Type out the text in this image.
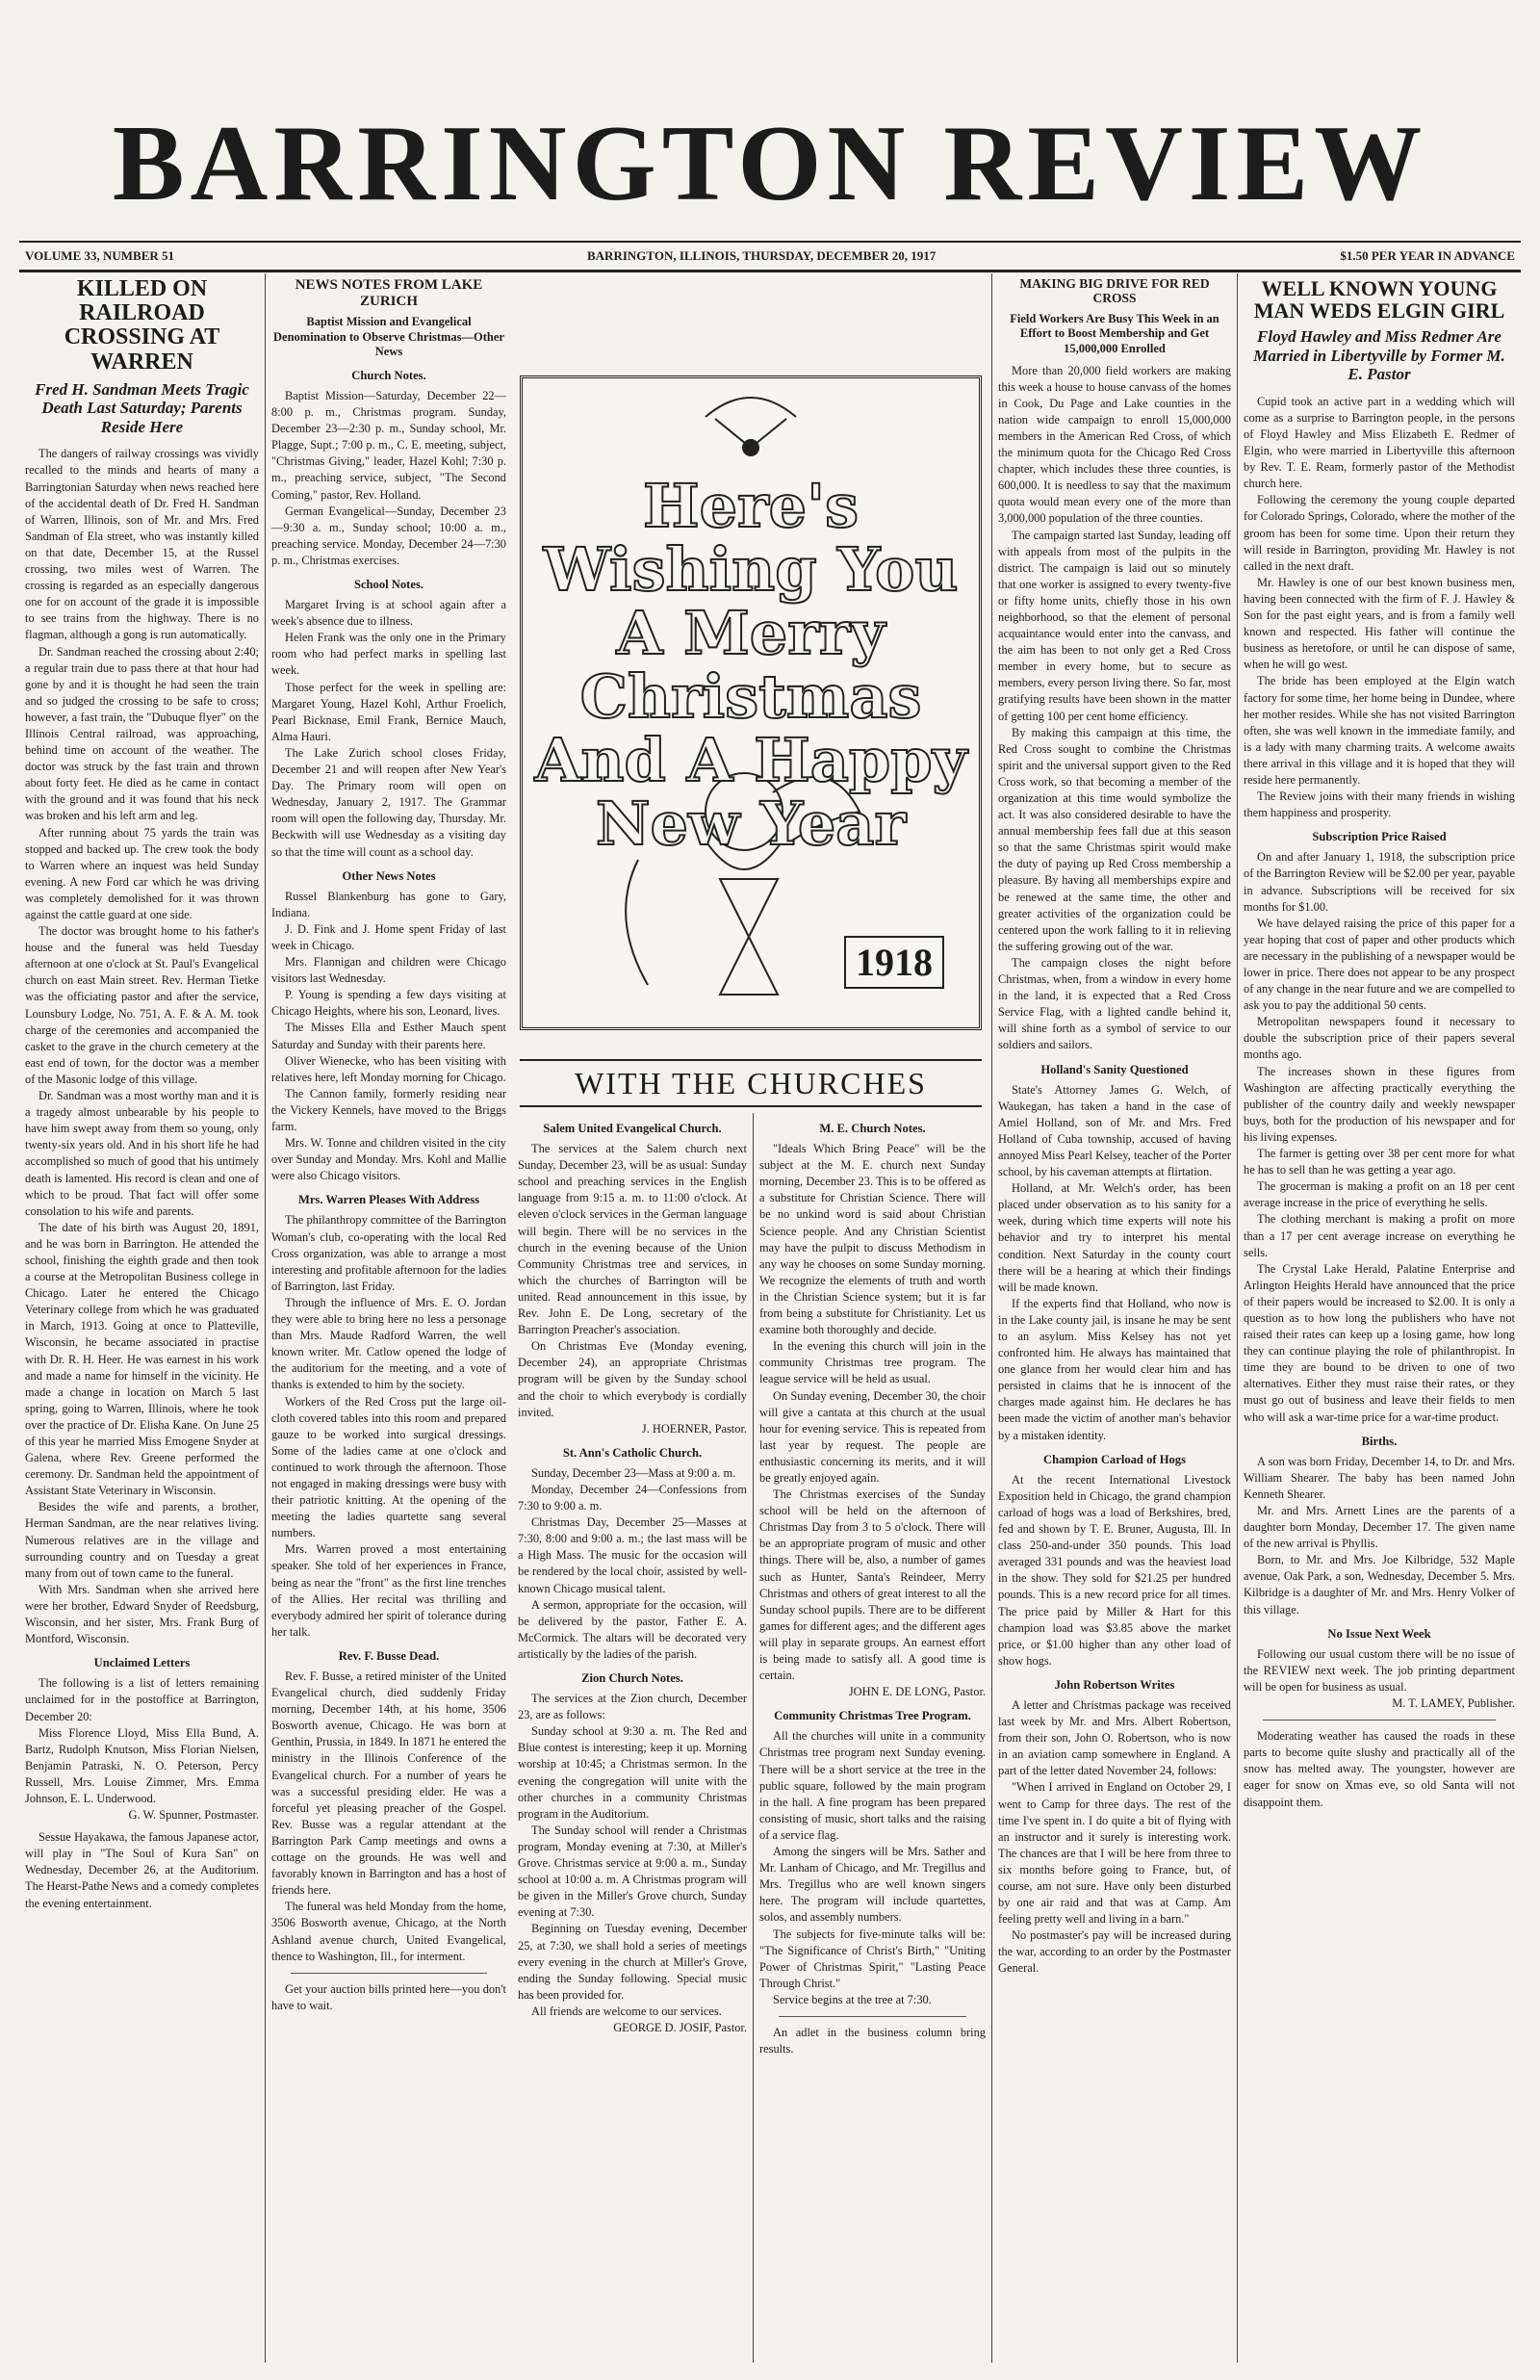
BARRINGTON REVIEW
VOLUME 33, NUMBER 51	BARRINGTON, ILLINOIS, THURSDAY, DECEMBER 20, 1917	$1.50 PER YEAR IN ADVANCE
KILLED ON RAILROAD CROSSING AT WARREN
Fred H. Sandman Meets Tragic Death Last Saturday; Parents Reside Here

The dangers of railway crossings was vividly recalled to the minds and hearts of many a Barringtonian Saturday when news reached here of the accidental death of Dr. Fred H. Sandman of Warren, Illinois, son of Mr. and Mrs. Fred Sandman of Ela street, who was instantly killed on that date, December 15, at the Russel crossing, two miles west of Warren. The crossing is regarded as an especially dangerous one for on account of the grade it is impossible to see trains from the highway. There is no flagman, although a gong is run automatically.

Dr. Sandman reached the crossing about 2:40; a regular train due to pass there at that hour had gone by and it is thought he had seen the train and so judged the crossing to be safe to cross; however, a fast train, the "Dubuque flyer" on the Illinois Central railroad, was approaching, behind time on account of the weather. The doctor was struck by the fast train and thrown about forty feet. He died as he came in contact with the ground and it was found that his neck was broken and his left arm and leg.

After running about 75 yards the train was stopped and backed up. The crew took the body to Warren where an inquest was held Sunday evening. A new Ford car which he was driving was completely demolished for it was thrown against the cattle guard at one side.

The doctor was brought home to his father's house and the funeral was held Tuesday afternoon at one o'clock at St. Paul's Evangelical church on east Main street. Rev. Herman Tietke was the officiating pastor and after the service, Lounsbury Lodge, No. 751, A. F. & A. M. took charge of the ceremonies and accompanied the casket to the grave in the church cemetery at the east end of town, for the doctor was a member of the Masonic lodge of this village.

Dr. Sandman was a most worthy man and it is a tragedy almost unbearable by his people to have him swept away from them so young, only twenty-six years old. And in his short life he had accomplished so much of good that his untimely death is lamented. His record is clean and one of which to be proud. That fact will offer some consolation to his wife and parents.

The date of his birth was August 20, 1891, and he was born in Barrington. He attended the school, finishing the eighth grade and then took a course at the Metropolitan Business college in Chicago. Later he entered the Chicago Veterinary college from which he was graduated in March, 1913. Going at once to Platteville, Wisconsin, he became associated in practise with Dr. R. H. Heer. He was earnest in his work and made a name for himself in the vicinity. He made a change in location on March 5 last spring, going to Warren, Illinois, where he took over the practice of Dr. Elisha Kane. On June 25 of this year he married Miss Emogene Snyder at Galena, where Rev. Greene performed the ceremony. Dr. Sandman held the appointment of Assistant State Veterinary in Wisconsin.

Besides the wife and parents, a brother, Herman Sandman, are the near relatives living. Numerous relatives are in the village and surrounding country and on Tuesday a great many from out of town came to the funeral.

With Mrs. Sandman when she arrived here were her brother, Edward Snyder of Reedsburg, Wisconsin, and her sister, Mrs. Frank Burg of Montford, Wisconsin.

Unclaimed Letters

The following is a list of letters remaining unclaimed for in the postoffice at Barrington, December 20:

Miss Florence Lloyd, Miss Ella Bund, A. Bartz, Rudolph Knutson, Miss Florian Nielsen, Benjamin Patraski, N. O. Peterson, Percy Russell, Mrs. Louise Zimmer, Mrs. Emma Johnson, E. L. Underwood.

G. W. Spunner, Postmaster.

Sessue Hayakawa, the famous Japanese actor, will play in "The Soul of Kura San" on Wednesday, December 26, at the Auditorium. The Hearst-Pathe News and a comedy completes the evening entertainment.

NEWS NOTES FROM LAKE ZURICH
Baptist Mission and Evangelical Denomination to Observe Christmas—Other News
Church Notes.

Baptist Mission—Saturday, December 22—8:00 p. m., Christmas program. Sunday, December 23—2:30 p. m., Sunday school, Mr. Plagge, Supt.; 7:00 p. m., C. E. meeting, subject, "Christmas Giving," leader, Hazel Kohl; 7:30 p. m., preaching service, subject, "The Second Coming," pastor, Rev. Holland.

German Evangelical—Sunday, December 23—9:30 a. m., Sunday school; 10:00 a. m., preaching service. Monday, December 24—7:30 p. m., Christmas exercises.

School Notes.

Margaret Irving is at school again after a week's absence due to illness.

Helen Frank was the only one in the Primary room who had perfect marks in spelling last week.

Those perfect for the week in spelling are: Margaret Young, Hazel Kohl, Arthur Froelich, Pearl Bicknase, Emil Frank, Bernice Mauch, Alma Hauri.

The Lake Zurich school closes Friday, December 21 and will reopen after New Year's Day. The Primary room will open on Wednesday, January 2, 1917. The Grammar room will open the following day, Thursday. Mr. Beckwith will use Wednesday as a visiting day so that the time will count as a school day.

Other News Notes

Russel Blankenburg has gone to Gary, Indiana.

J. D. Fink and J. Home spent Friday of last week in Chicago.

Mrs. Flannigan and children were Chicago visitors last Wednesday.

P. Young is spending a few days visiting at Chicago Heights, where his son, Leonard, lives.

The Misses Ella and Esther Mauch spent Saturday and Sunday with their parents here.

Oliver Wienecke, who has been visiting with relatives here, left Monday morning for Chicago.

The Cannon family, formerly residing near the Vickery Kennels, have moved to the Briggs farm.

Mrs. W. Tonne and children visited in the city over Sunday and Monday. Mrs. Kohl and Mallie were also Chicago visitors.

Mrs. Warren Pleases With Address

The philanthropy committee of the Barrington Woman's club, co-operating with the local Red Cross organization, was able to arrange a most interesting and profitable afternoon for the ladies of Barrington, last Friday.

Through the influence of Mrs. E. O. Jordan they were able to bring here no less a personage than Mrs. Maude Radford Warren, the well known writer. Mr. Catlow opened the lodge of the auditorium for the meeting, and a vote of thanks is extended to him by the society.

Workers of the Red Cross put the large oil-cloth covered tables into this room and prepared gauze to be worked into surgical dressings. Some of the ladies came at one o'clock and continued to work through the afternoon. Those not engaged in making dressings were busy with their patriotic knitting. At the opening of the meeting the ladies quartette sang several numbers.

Mrs. Warren proved a most entertaining speaker. She told of her experiences in France, being as near the "front" as the first line trenches of the Allies. Her recital was thrilling and everybody admired her spirit of tolerance during her talk.

Rev. F. Busse Dead.

Rev. F. Busse, a retired minister of the United Evangelical church, died suddenly Friday morning, December 14th, at his home, 3506 Bosworth avenue, Chicago. He was born at Genthin, Prussia, in 1849. In 1871 he entered the ministry in the Illinois Conference of the Evangelical church. For a number of years he was a successful presiding elder. He was a forceful yet pleasing preacher of the Gospel. Rev. Busse was a regular attendant at the Barrington Park Camp meetings and owns a cottage on the grounds. He was well and favorably known in Barrington and has a host of friends here.

The funeral was held Monday from the home, 3506 Bosworth avenue, Chicago, at the North Ashland avenue church, United Evangelical, thence to Washington, Ill., for interment.

Get your auction bills printed here—you don't have to wait.

Here's Wishing You A Merry Christmas And A Happy New Year
1918
WITH THE CHURCHES
Salem United Evangelical Church.

The services at the Salem church next Sunday, December 23, will be as usual: Sunday school and preaching services in the English language from 9:15 a. m. to 11:00 o'clock. At eleven o'clock services in the German language will begin. There will be no services in the church in the evening because of the Union Community Christmas tree and services, in which the churches of Barrington will be united. Read announcement in this issue, by Rev. John E. De Long, secretary of the Barrington Preacher's association.

On Christmas Eve (Monday evening, December 24), an appropriate Christmas program will be given by the Sunday school and the choir to which everybody is cordially invited.

J. HOERNER, Pastor.
St. Ann's Catholic Church.

Sunday, December 23—Mass at 9:00 a. m.

Monday, December 24—Confessions from 7:30 to 9:00 a. m.

Christmas Day, December 25—Masses at 7:30, 8:00 and 9:00 a. m.; the last mass will be a High Mass. The music for the occasion will be rendered by the local choir, assisted by well-known Chicago musical talent.

A sermon, appropriate for the occasion, will be delivered by the pastor, Father E. A. McCormick. The altars will be decorated very artistically by the ladies of the parish.

Zion Church Notes.

The services at the Zion church, December 23, are as follows:

Sunday school at 9:30 a. m. The Red and Blue contest is interesting; keep it up. Morning worship at 10:45; a Christmas sermon. In the evening the congregation will unite with the other churches in a community Christmas program in the Auditorium.

The Sunday school will render a Christmas program, Monday evening at 7:30, at Miller's Grove. Christmas service at 9:00 a. m., Sunday school at 10:00 a. m. A Christmas program will be given in the Miller's Grove church, Sunday evening at 7:30.

Beginning on Tuesday evening, December 25, at 7:30, we shall hold a series of meetings every evening in the church at Miller's Grove, ending the Sunday following. Special music has been provided for.

All friends are welcome to our services.

GEORGE D. JOSIF, Pastor.
M. E. Church Notes.

"Ideals Which Bring Peace" will be the subject at the M. E. church next Sunday morning, December 23. This is to be offered as a substitute for Christian Science. There will be no unkind word is said about Christian Science people. And any Christian Scientist may have the pulpit to discuss Methodism in any way he chooses on some Sunday morning. We recognize the elements of truth and worth in the Christian Science system; but it is far from being a substitute for Christianity. Let us examine both thoroughly and decide.

In the evening this church will join in the community Christmas tree program. The league service will be held as usual.

On Sunday evening, December 30, the choir will give a cantata at this church at the usual hour for evening service. This is repeated from last year by request. The people are enthusiastic concerning its merits, and it will be greatly enjoyed again.

The Christmas exercises of the Sunday school will be held on the afternoon of Christmas Day from 3 to 5 o'clock. There will be an appropriate program of music and other things. There will be, also, a number of games such as Hunter, Santa's Reindeer, Merry Christmas and others of great interest to all the Sunday school pupils. There are to be different games for different ages; and the different ages will play in separate groups. An earnest effort is being made to satisfy all. A good time is certain.

JOHN E. DE LONG, Pastor.
Community Christmas Tree Program.

All the churches will unite in a community Christmas tree program next Sunday evening. There will be a short service at the tree in the public square, followed by the main program in the hall. A fine program has been prepared consisting of music, short talks and the raising of a service flag.

Among the singers will be Mrs. Sather and Mr. Lanham of Chicago, and Mr. Tregillus and Mrs. Tregillus who are well known singers here. The program will include quartettes, solos, and assembly numbers.

The subjects for five-minute talks will be: "The Significance of Christ's Birth," "Uniting Power of Christmas Spirit," "Lasting Peace Through Christ."

Service begins at the tree at 7:30.

An adlet in the business column bring results.

MAKING BIG DRIVE FOR RED CROSS
Field Workers Are Busy This Week in an Effort to Boost Membership and Get 15,000,000 Enrolled

More than 20,000 field workers are making this week a house to house canvass of the homes in Cook, Du Page and Lake counties in the nation wide campaign to enroll 15,000,000 members in the American Red Cross, of which the minimum quota for the Chicago Red Cross chapter, which includes these three counties, is 600,000. It is needless to say that the maximum quota would mean every one of the more than 3,000,000 population of the three counties.

The campaign started last Sunday, leading off with appeals from most of the pulpits in the district. The campaign is laid out so minutely that one worker is assigned to every twenty-five or fifty home units, chiefly those in his own neighborhood, so that the element of personal acquaintance would enter into the canvass, and the aim has been to not only get a Red Cross member in every home, but to secure as members, every person living there. So far, most gratifying results have been shown in the matter of getting 100 per cent home efficiency.

By making this campaign at this time, the Red Cross sought to combine the Christmas spirit and the universal support given to the Red Cross work, so that becoming a member of the organization at this time would symbolize the act. It was also considered desirable to have the annual membership fees fall due at this season so that the same Christmas spirit would make the duty of paying up Red Cross membership a pleasure. By having all memberships expire and be renewed at the same time, the other and greater activities of the organization could be centered upon the work falling to it in relieving the suffering growing out of the war.

The campaign closes the night before Christmas, when, from a window in every home in the land, it is expected that a Red Cross Service Flag, with a lighted candle behind it, will shine forth as a symbol of service to our soldiers and sailors.

Holland's Sanity Questioned

State's Attorney James G. Welch, of Waukegan, has taken a hand in the case of Amiel Holland, son of Mr. and Mrs. Fred Holland of Cuba township, accused of having annoyed Miss Pearl Kelsey, teacher of the Porter school, by his caveman attempts at flirtation.

Holland, at Mr. Welch's order, has been placed under observation as to his sanity for a week, during which time experts will note his behavior and try to interpret his mental condition. Next Saturday in the county court there will be a hearing at which their findings will be made known.

If the experts find that Holland, who now is in the Lake county jail, is insane he may be sent to an asylum. Miss Kelsey has not yet confronted him. He always has maintained that one glance from her would clear him and has persisted in claims that he is innocent of the charges made against him. He declares he has been made the victim of another man's behavior by a mistaken identity.

Champion Carload of Hogs

At the recent International Livestock Exposition held in Chicago, the grand champion carload of hogs was a load of Berkshires, bred, fed and shown by T. E. Bruner, Augusta, Ill. In class 250-and-under 350 pounds. This load averaged 331 pounds and was the heaviest load in the show. They sold for $21.25 per hundred pounds. This is a new record price for all times. The price paid by Miller & Hart for this champion load was $3.85 above the market price, or $1.00 higher than any other load of show hogs.

John Robertson Writes

A letter and Christmas package was received last week by Mr. and Mrs. Albert Robertson, from their son, John O. Robertson, who is now in an aviation camp somewhere in England. A part of the letter dated November 24, follows:

"When I arrived in England on October 29, I went to Camp for three days. The rest of the time I've spent in. I do quite a bit of flying with an instructor and it surely is interesting work. The chances are that I will be here from three to six months before going to France, but, of course, am not sure. Have only been disturbed by one air raid and that was at Camp. Am feeling pretty well and living in a barn."

No postmaster's pay will be increased during the war, according to an order by the Postmaster General.

WELL KNOWN YOUNG MAN WEDS ELGIN GIRL
Floyd Hawley and Miss Redmer Are Married in Libertyville by Former M. E. Pastor

Cupid took an active part in a wedding which will come as a surprise to Barrington people, in the persons of Floyd Hawley and Miss Elizabeth E. Redmer of Elgin, who were married in Libertyville this afternoon by Rev. T. E. Ream, formerly pastor of the Methodist church here.

Following the ceremony the young couple departed for Colorado Springs, Colorado, where the mother of the groom has been for some time. Upon their return they will reside in Barrington, providing Mr. Hawley is not called in the next draft.

Mr. Hawley is one of our best known business men, having been connected with the firm of F. J. Hawley & Son for the past eight years, and is from a family well known and respected. His father will continue the business as heretofore, or until he can dispose of same, when he will go west.

The bride has been employed at the Elgin watch factory for some time, her home being in Dundee, where her mother resides. While she has not visited Barrington often, she was well known in the immediate family, and is a lady with many charming traits. A welcome awaits there arrival in this village and it is hoped that they will reside here permanently.

The Review joins with their many friends in wishing them happiness and prosperity.

Subscription Price Raised

On and after January 1, 1918, the subscription price of the Barrington Review will be $2.00 per year, payable in advance. Subscriptions will be received for six months for $1.00.

We have delayed raising the price of this paper for a year hoping that cost of paper and other products which are necessary in the publishing of a newspaper would be lower in price. There does not appear to be any prospect of any change in the near future and we are compelled to ask you to pay the additional 50 cents.

Metropolitan newspapers found it necessary to double the subscription price of their papers several months ago.

The increases shown in these figures from Washington are affecting practically everything the publisher of the country daily and weekly newspaper buys, both for the production of his newspaper and for his living expenses.

The farmer is getting over 38 per cent more for what he has to sell than he was getting a year ago.

The grocerman is making a profit on an 18 per cent average increase in the price of everything he sells.

The clothing merchant is making a profit on more than a 17 per cent average increase on everything he sells.

The Crystal Lake Herald, Palatine Enterprise and Arlington Heights Herald have announced that the price of their papers would be increased to $2.00. It is only a question as to how long the publishers who have not raised their rates can keep up a losing game, how long they can continue playing the role of philanthropist. In time they are bound to be driven to one of two alternatives. Either they must raise their rates, or they must go out of business and leave their fields to men who will ask a war-time price for a war-time product.

Births.

A son was born Friday, December 14, to Dr. and Mrs. William Shearer. The baby has been named John Kenneth Shearer.

Mr. and Mrs. Arnett Lines are the parents of a daughter born Monday, December 17. The given name of the new arrival is Phyllis.

Born, to Mr. and Mrs. Joe Kilbridge, 532 Maple avenue, Oak Park, a son, Wednesday, December 5. Mrs. Kilbridge is a daughter of Mr. and Mrs. Henry Volker of this village.

No Issue Next Week

Following our usual custom there will be no issue of the REVIEW next week. The job printing department will be open for business as usual.

M. T. LAMEY, Publisher.

Moderating weather has caused the roads in these parts to become quite slushy and practically all of the snow has melted away. The youngster, however are eager for snow on Xmas eve, so old Santa will not disappoint them.
